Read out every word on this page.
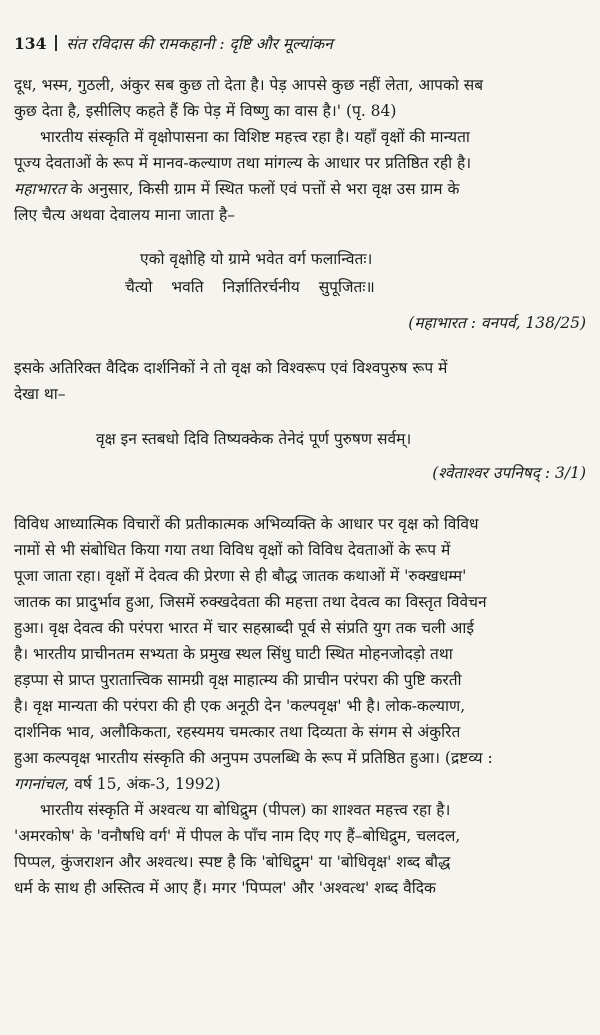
134 संत रविदास की रामकहानी : दृष्टि और मूल्यांकन
दूध, भस्म, गुठली, अंकुर सब कुछ तो देता है। पेड़ आपसे कुछ नहीं लेता, आपको सब
कुछ देता है, इसीलिए कहते हैं कि पेड़ में विष्णु का वास है।' (पृ. 84)
भारतीय संस्कृति में वृक्षोपासना का विशिष्ट महत्त्व रहा है। यहाँ वृक्षों की मान्यता
पूज्य देवताओं के रूप में मानव-कल्याण तथा मांगल्य के आधार पर प्रतिष्ठित रही है।
महाभारत के अनुसार, किसी ग्राम में स्थित फलों एवं पत्तों से भरा वृक्ष उस ग्राम के
लिए चैत्य अथवा देवालय माना जाता है–
एको वृक्षोहि यो ग्रामे भवेत वर्ग फलान्वितः।
चैत्यो भवति निर्ज्ञातिरर्चनीय सुपूजितः॥
(महाभारत : वनपर्व, 138/25)
इसके अतिरिक्त वैदिक दार्शनिकों ने तो वृक्ष को विश्वरूप एवं विश्वपुरुष रूप में
देखा था–
वृक्ष इन स्तबधो दिवि तिष्यक्केक तेनेदं पूर्ण पुरुषण सर्वम्।
(श्वेताश्वर उपनिषद् : 3/1)
विविध आध्यात्मिक विचारों की प्रतीकात्मक अभिव्यक्ति के आधार पर वृक्ष को विविध
नामों से भी संबोधित किया गया तथा विविध वृक्षों को विविध देवताओं के रूप में
पूजा जाता रहा। वृक्षों में देवत्व की प्रेरणा से ही बौद्ध जातक कथाओं में 'रुक्खधम्म'
जातक का प्रादुर्भाव हुआ, जिसमें रुक्खदेवता की महत्ता तथा देवत्व का विस्तृत विवेचन
हुआ। वृक्ष देवत्व की परंपरा भारत में चार सहस्राब्दी पूर्व से संप्रति युग तक चली आई
है। भारतीय प्राचीनतम सभ्यता के प्रमुख स्थल सिंधु घाटी स्थित मोहनजोदड़ो तथा
हड़प्पा से प्राप्त पुरातात्त्विक सामग्री वृक्ष माहात्म्य की प्राचीन परंपरा की पुष्टि करती
है। वृक्ष मान्यता की परंपरा की ही एक अनूठी देन 'कल्पवृक्ष' भी है। लोक-कल्याण,
दार्शनिक भाव, अलौकिकता, रहस्यमय चमत्कार तथा दिव्यता के संगम से अंकुरित
हुआ कल्पवृक्ष भारतीय संस्कृति की अनुपम उपलब्धि के रूप में प्रतिष्ठित हुआ। (द्रष्टव्य :
गगनांचल, वर्ष 15, अंक-3, 1992)
भारतीय संस्कृति में अश्वत्थ या बोधिद्रुम (पीपल) का शाश्वत महत्त्व रहा है।
'अमरकोष' के 'वनौषधि वर्ग' में पीपल के पाँच नाम दिए गए हैं–बोधिद्रुम, चलदल,
पिप्पल, कुंजराशन और अश्वत्थ। स्पष्ट है कि 'बोधिद्रुम' या 'बोधिवृक्ष' शब्द बौद्ध
धर्म के साथ ही अस्तित्व में आए हैं। मगर 'पिप्पल' और 'अश्वत्थ' शब्द वैदिक
